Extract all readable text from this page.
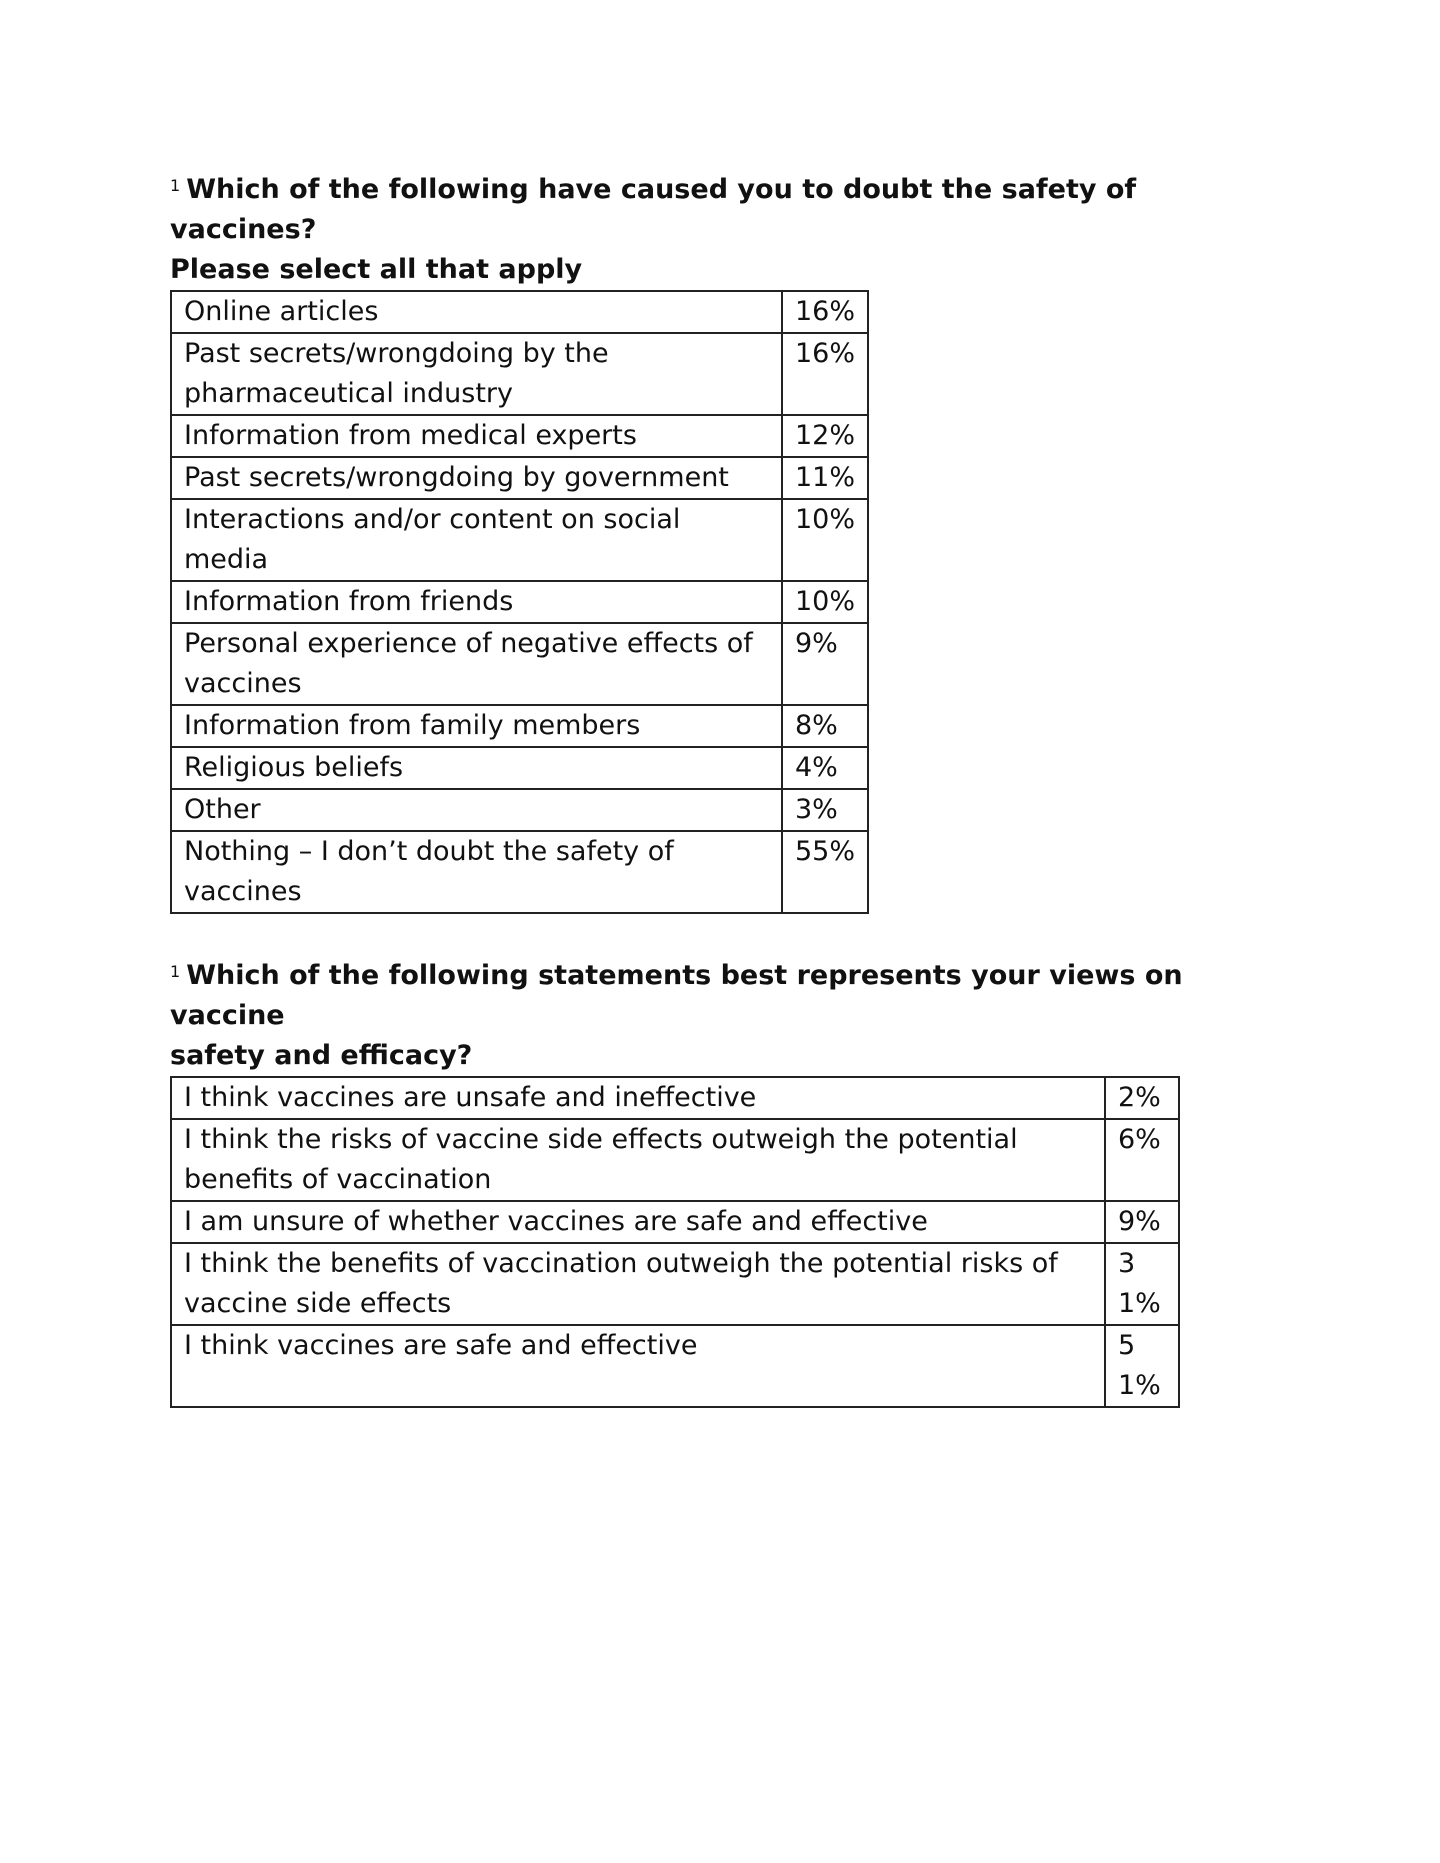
$^1$ Which of the following have caused you to doubt the safety of vaccines?
Please select all that apply

Online articles	16%
Past secrets/wrongdoing by the pharmaceutical industry	16%
Information from medical experts	12%
Past secrets/wrongdoing by government	11%
Interactions and/or content on social media	10%
Information from friends	10%
Personal experience of negative effects of vaccines	9%
Information from family members	8%
Religious beliefs	4%
Other	3%
Nothing – I don’t doubt the safety of vaccines	55%

$^1$ Which of the following statements best represents your views on vaccine
safety and efficacy?

I think vaccines are unsafe and ineffective	2%
I think the risks of vaccine side effects outweigh the potential benefits of vaccination	6%
I am unsure of whether vaccines are safe and effective	9%
I think the benefits of vaccination outweigh the potential risks of vaccine side effects	31%
I think vaccines are safe and effective	51%
